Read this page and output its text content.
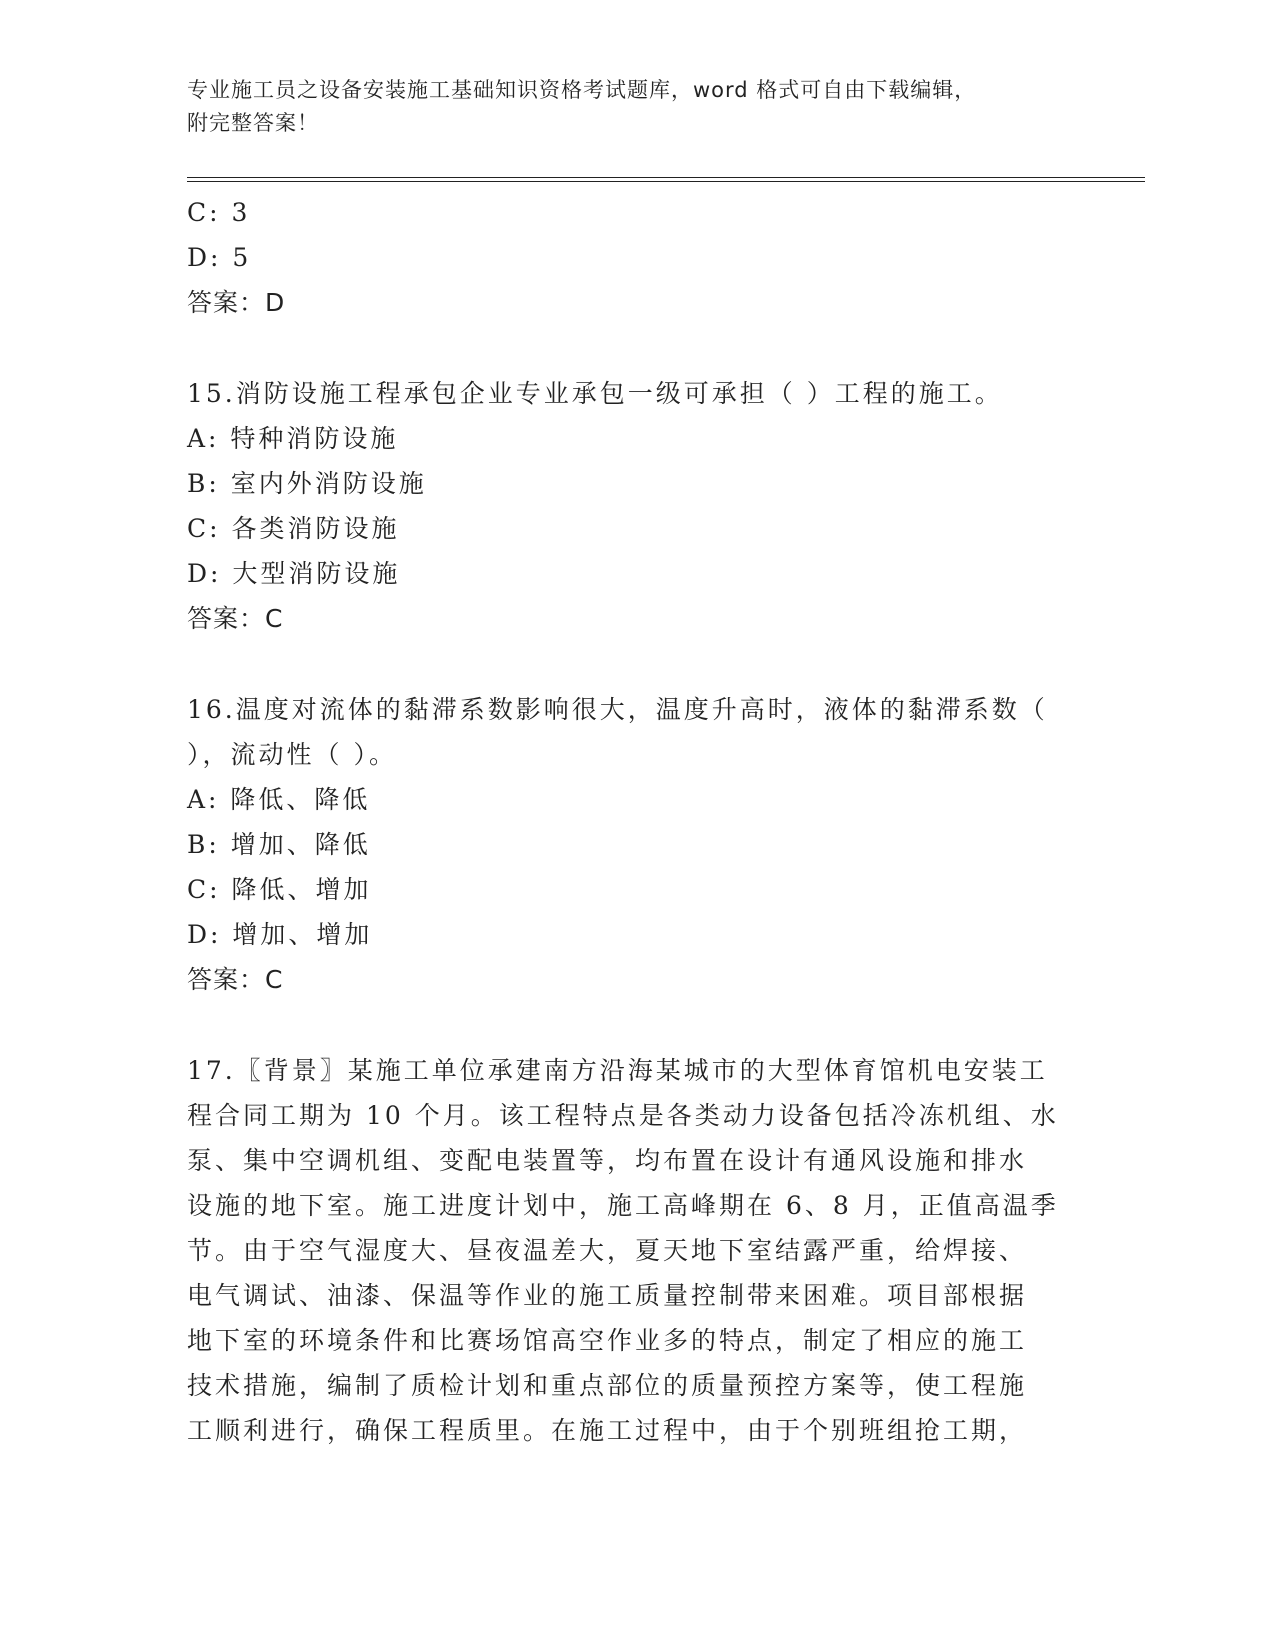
专业施工员之设备安装施工基础知识资格考试题库，word 格式可自由下载编辑，
附完整答案！
C: 3
D: 5
答案：D
15.消防设施工程承包企业专业承包一级可承担（ ）工程的施工。
A: 特种消防设施
B: 室内外消防设施
C: 各类消防设施
D: 大型消防设施
答案：C
16.温度对流体的黏滞系数影响很大，温度升高时，液体的黏滞系数（
），流动性（ ）。
A: 降低、降低
B: 增加、降低
C: 降低、增加
D: 增加、增加
答案：C
17.〖背景〗某施工单位承建南方沿海某城市的大型体育馆机电安装工
程合同工期为 10 个月。该工程特点是各类动力设备包括冷冻机组、水
泵、集中空调机组、变配电装置等，均布置在设计有通风设施和排水
设施的地下室。施工进度计划中，施工高峰期在 6、8 月，正值高温季
节。由于空气湿度大、昼夜温差大，夏天地下室结露严重，给焊接、
电气调试、油漆、保温等作业的施工质量控制带来困难。项目部根据
地下室的环境条件和比赛场馆高空作业多的特点，制定了相应的施工
技术措施，编制了质检计划和重点部位的质量预控方案等，使工程施
工顺利进行，确保工程质里。在施工过程中，由于个别班组抢工期，
